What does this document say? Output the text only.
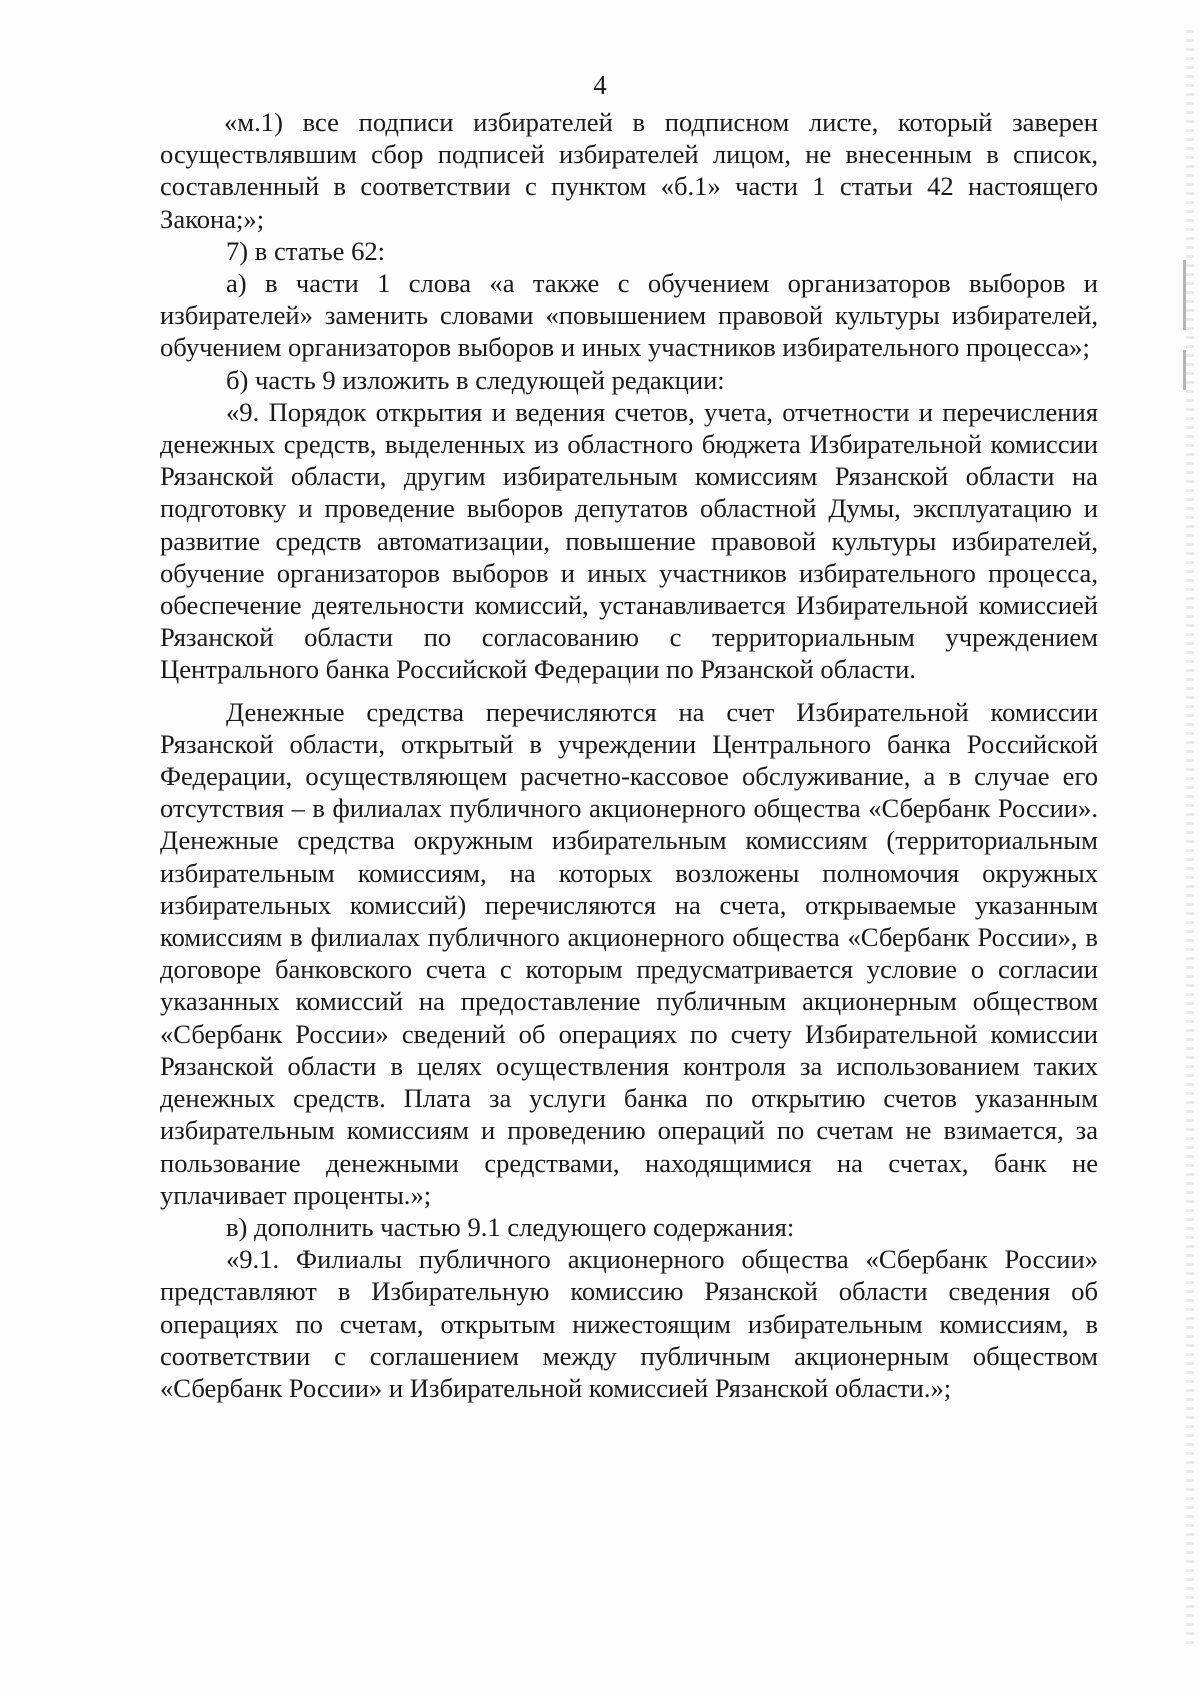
4

«м.1) все подписи избирателей в подписном листе, который заверен осуществлявшим сбор подписей избирателей лицом, не внесенным в список, составленный в соответствии с пунктом «б.1» части 1 статьи 42 настоящего Закона;»;

7) в статье 62:

а) в части 1 слова «а также с обучением организаторов выборов и избирателей» заменить словами «повышением правовой культуры избирателей, обучением организаторов выборов и иных участников избирательного процесса»;

б) часть 9 изложить в следующей редакции:

«9. Порядок открытия и ведения счетов, учета, отчетности и перечисления денежных средств, выделенных из областного бюджета Избирательной комиссии Рязанской области, другим избирательным комиссиям Рязанской области на подготовку и проведение выборов депутатов областной Думы, эксплуатацию и развитие средств автоматизации, повышение правовой культуры избирателей, обучение организаторов выборов и иных участников избирательного процесса, обеспечение деятельности комиссий, устанавливается Избирательной комиссией Рязанской области по согласованию с территориальным учреждением Центрального банка Российской Федерации по Рязанской области.

Денежные средства перечисляются на счет Избирательной комиссии Рязанской области, открытый в учреждении Центрального банка Российской Федерации, осуществляющем расчетно-кассовое обслуживание, а в случае его отсутствия – в филиалах публичного акционерного общества «Сбербанк России». Денежные средства окружным избирательным комиссиям (территориальным избирательным комиссиям, на которых возложены полномочия окружных избирательных комиссий) перечисляются на счета, открываемые указанным комиссиям в филиалах публичного акционерного общества «Сбербанк России», в договоре банковского счета с которым предусматривается условие о согласии указанных комиссий на предоставление публичным акционерным обществом «Сбербанк России» сведений об операциях по счету Избирательной комиссии Рязанской области в целях осуществления контроля за использованием таких денежных средств. Плата за услуги банка по открытию счетов указанным избирательным комиссиям и проведению операций по счетам не взимается, за пользование денежными средствами, находящимися на счетах, банк не уплачивает проценты.»;

в) дополнить частью 9.1 следующего содержания:

«9.1. Филиалы публичного акционерного общества «Сбербанк России» представляют в Избирательную комиссию Рязанской области сведения об операциях по счетам, открытым нижестоящим избирательным комиссиям, в соответствии с соглашением между публичным акционерным обществом «Сбербанк России» и Избирательной комиссией Рязанской области.»;
